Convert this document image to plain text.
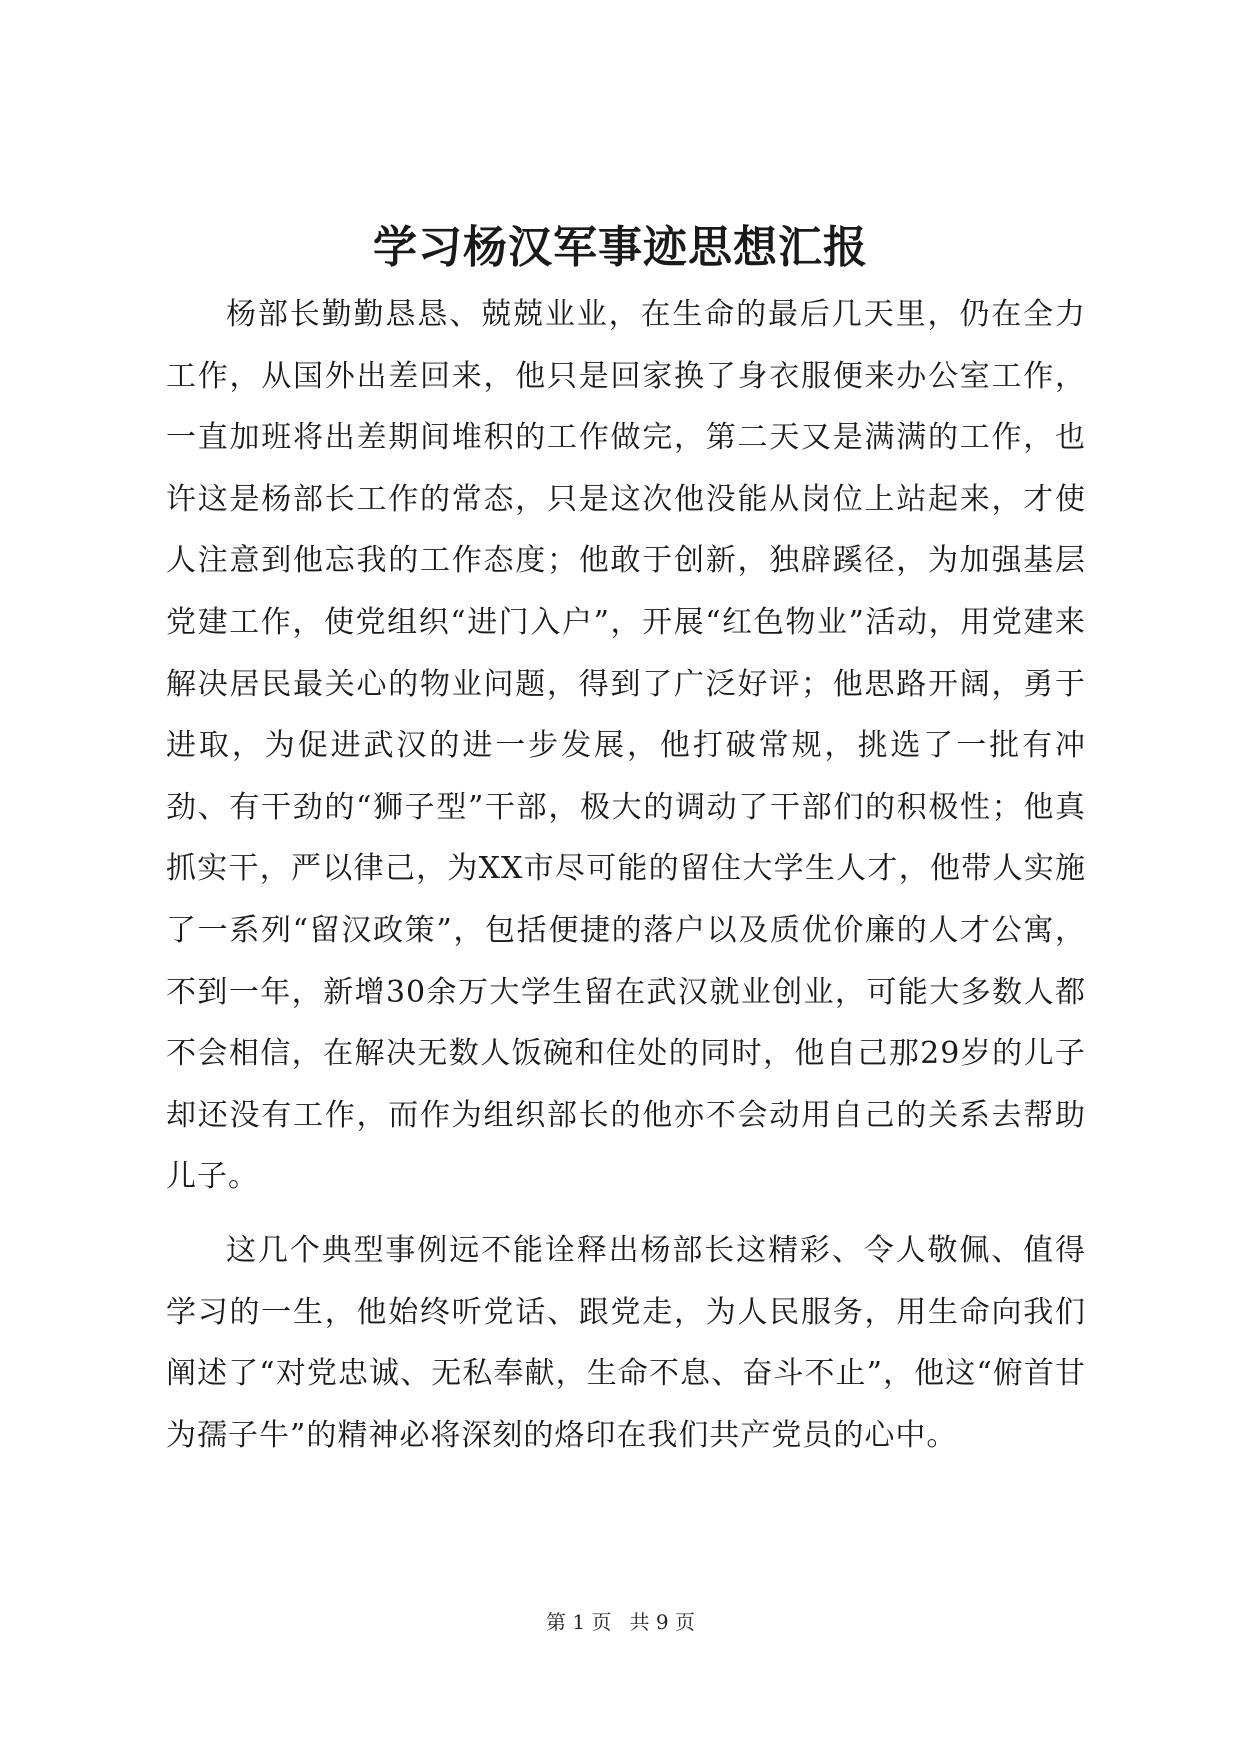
学习杨汉军事迹思想汇报

杨部长勤勤恳恳、兢兢业业，在生命的最后几天里，仍在全力工作，从国外出差回来，他只是回家换了身衣服便来办公室工作，一直加班将出差期间堆积的工作做完，第二天又是满满的工作，也许这是杨部长工作的常态，只是这次他没能从岗位上站起来，才使人注意到他忘我的工作态度；他敢于创新，独辟蹊径，为加强基层党建工作，使党组织“进门入户”，开展“红色物业”活动，用党建来解决居民最关心的物业问题，得到了广泛好评；他思路开阔，勇于进取，为促进武汉的进一步发展，他打破常规，挑选了一批有冲劲、有干劲的“狮子型”干部，极大的调动了干部们的积极性；他真抓实干，严以律己，为XX市尽可能的留住大学生人才，他带人实施了一系列“留汉政策”，包括便捷的落户以及质优价廉的人才公寓，不到一年，新增30余万大学生留在武汉就业创业，可能大多数人都不会相信，在解决无数人饭碗和住处的同时，他自己那29岁的儿子却还没有工作，而作为组织部长的他亦不会动用自己的关系去帮助儿子。

这几个典型事例远不能诠释出杨部长这精彩、令人敬佩、值得学习的一生，他始终听党话、跟党走，为人民服务，用生命向我们阐述了“对党忠诚、无私奉献，生命不息、奋斗不止”，他这“俯首甘为孺子牛”的精神必将深刻的烙印在我们共产党员的心中。

第 1 页 共 9 页
